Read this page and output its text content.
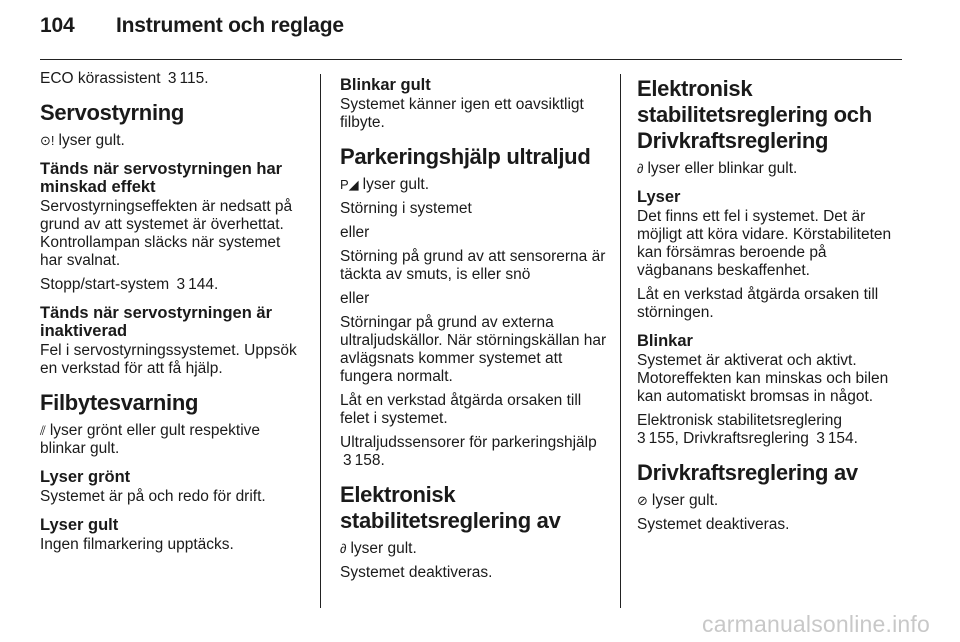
104 Instrument och reglage

ECO körassistent 3 115.

Servostyrning

⊙! lyser gult.

Tänds när servostyrningen har minskad effekt

Servostyrningseffekten är nedsatt på grund av att systemet är överhettat. Kontrollampan släcks när systemet har svalnat.

Stopp/start-system 3 144.

Tänds när servostyrningen är inaktiverad

Fel i servostyrningssystemet. Uppsök en verkstad för att få hjälp.

Filbytesvarning

⫽ lyser grönt eller gult respektive blinkar gult.

Lyser grönt

Systemet är på och redo för drift.

Lyser gult

Ingen filmarkering upptäcks.

Blinkar gult

Systemet känner igen ett oavsiktligt filbyte.

Parkeringshjälp ultraljud

P◢ lyser gult.

Störning i systemet

eller

Störning på grund av att sensorerna är täckta av smuts, is eller snö

eller

Störningar på grund av externa ultraljudskällor. När störningskällan har avlägsnats kommer systemet att fungera normalt.

Låt en verkstad åtgärda orsaken till felet i systemet.

Ultraljudssensorer för parkeringshjälp 3 158.

Elektronisk stabilitetsreglering av

∂ lyser gult.

Systemet deaktiveras.

Elektronisk stabilitetsreglering och Drivkraftsreglering

∂ lyser eller blinkar gult.

Lyser

Det finns ett fel i systemet. Det är möjligt att köra vidare. Körstabiliteten kan försämras beroende på vägbanans beskaffenhet.

Låt en verkstad åtgärda orsaken till störningen.

Blinkar

Systemet är aktiverat och aktivt. Motoreffekten kan minskas och bilen kan automatiskt bromsas in något.

Elektronisk stabilitetsreglering
3 155, Drivkraftsreglering 3 154.

Drivkraftsreglering av

⊘ lyser gult.

Systemet deaktiveras.

carmanualsonline.info
